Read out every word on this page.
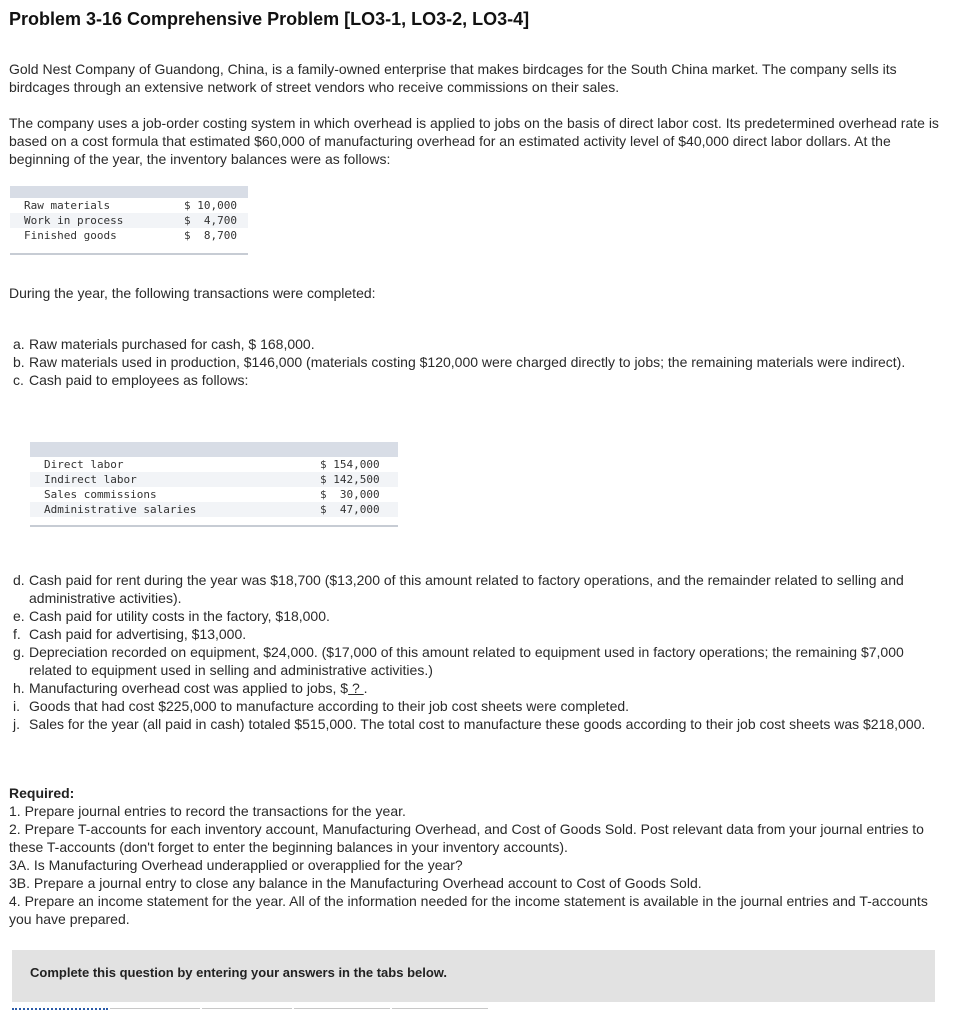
Problem 3-16 Comprehensive Problem [LO3-1, LO3-2, LO3-4]

Gold Nest Company of Guandong, China, is a family-owned enterprise that makes birdcages for the South China market. The company sells its birdcages through an extensive network of street vendors who receive commissions on their sales.

The company uses a job-order costing system in which overhead is applied to jobs on the basis of direct labor cost. Its predetermined overhead rate is based on a cost formula that estimated $60,000 of manufacturing overhead for an estimated activity level of $40,000 direct labor dollars. At the beginning of the year, the inventory balances were as follows:

Raw materials	$ 10,000
Work in process	$  4,700
Finished goods	$  8,700

During the year, the following transactions were completed:

a. Raw materials purchased for cash, $ 168,000.
b. Raw materials used in production, $146,000 (materials costing $120,000 were charged directly to jobs; the remaining materials were indirect).
c. Cash paid to employees as follows:
Direct labor	$ 154,000
Indirect labor	$ 142,500
Sales commissions	$  30,000
Administrative salaries	$  47,000
d. Cash paid for rent during the year was $18,700 ($13,200 of this amount related to factory operations, and the remainder related to selling and administrative activities).
e. Cash paid for utility costs in the factory, $18,000.
f. Cash paid for advertising, $13,000.
g. Depreciation recorded on equipment, $24,000. ($17,000 of this amount related to equipment used in factory operations; the remaining $7,000 related to equipment used in selling and administrative activities.)
h. Manufacturing overhead cost was applied to jobs, $ ? .
i. Goods that had cost $225,000 to manufacture according to their job cost sheets were completed.
j. Sales for the year (all paid in cash) totaled $515,000. The total cost to manufacture these goods according to their job cost sheets was $218,000.
Required:

1. Prepare journal entries to record the transactions for the year.

2. Prepare T-accounts for each inventory account, Manufacturing Overhead, and Cost of Goods Sold. Post relevant data from your journal entries to these T-accounts (don't forget to enter the beginning balances in your inventory accounts).

3A. Is Manufacturing Overhead underapplied or overapplied for the year?

3B. Prepare a journal entry to close any balance in the Manufacturing Overhead account to Cost of Goods Sold.

4. Prepare an income statement for the year. All of the information needed for the income statement is available in the journal entries and T-accounts you have prepared.

Complete this question by entering your answers in the tabs below.
